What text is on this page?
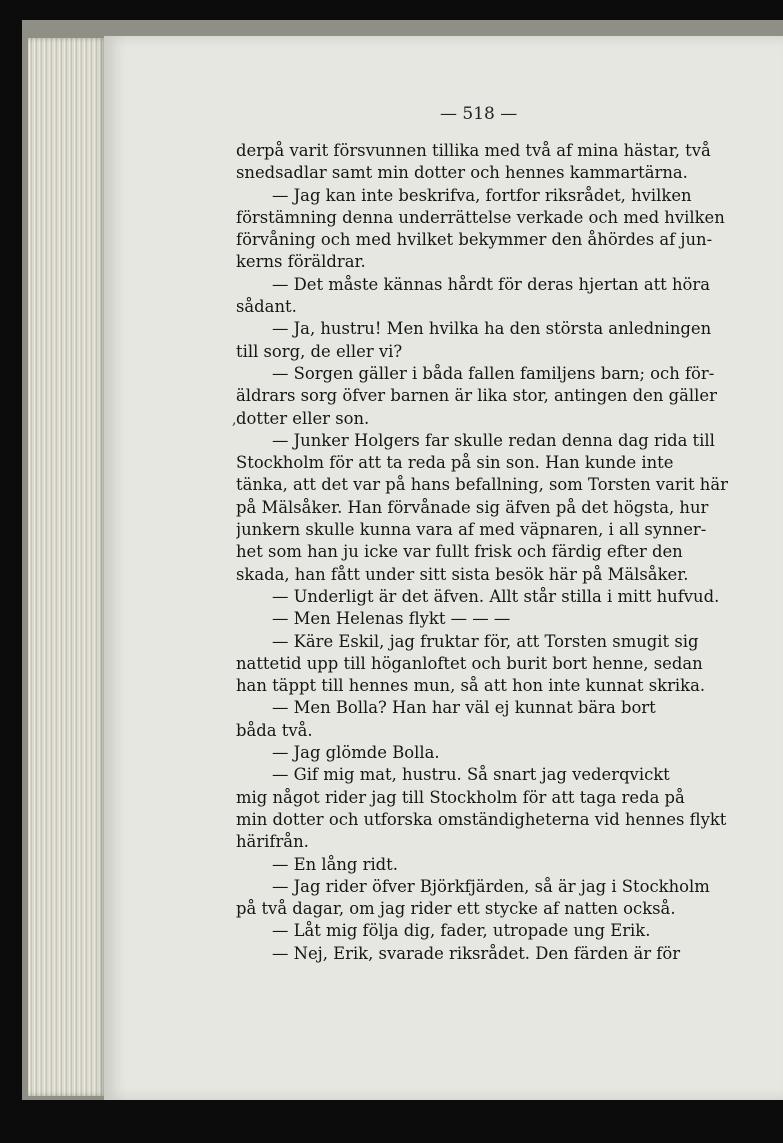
— 518 —
derpå varit försvunnen tillika med två af mina hästar, två
snedsadlar samt min dotter och hennes kammartärna.
— Jag kan inte beskrifva, fortfor riksrådet, hvilken
förstämning denna underrättelse verkade och med hvilken
förvåning och med hvilket bekymmer den åhördes af jun-
kerns föräldrar.
— Det måste kännas hårdt för deras hjertan att höra
sådant.
— Ja, hustru! Men hvilka ha den största anledningen
till sorg, de eller vi?
— Sorgen gäller i båda fallen familjens barn; och för-
äldrars sorg öfver barnen är lika stor, antingen den gäller
dotter eller son.
— Junker Holgers far skulle redan denna dag rida till
Stockholm för att ta reda på sin son. Han kunde inte
tänka, att det var på hans befallning, som Torsten varit här
på Mälsåker. Han förvånade sig äfven på det högsta, hur
junkern skulle kunna vara af med väpnaren, i all synner-
het som han ju icke var fullt frisk och färdig efter den
skada, han fått under sitt sista besök här på Mälsåker.
— Underligt är det äfven. Allt står stilla i mitt hufvud.
— Men Helenas flykt — — —
— Käre Eskil, jag fruktar för, att Torsten smugit sig
nattetid upp till höganloftet och burit bort henne, sedan
han täppt till hennes mun, så att hon inte kunnat skrika.
— Men Bolla? Han har väl ej kunnat bära bort
båda två.
— Jag glömde Bolla.
— Gif mig mat, hustru. Så snart jag vederqvickt
mig något rider jag till Stockholm för att taga reda på
min dotter och utforska omständigheterna vid hennes flykt
härifrån.
— En lång ridt.
— Jag rider öfver Björkfjärden, så är jag i Stockholm
på två dagar, om jag rider ett stycke af natten också.
— Låt mig följa dig, fader, utropade ung Erik.
— Nej, Erik, svarade riksrådet. Den färden är för
,
